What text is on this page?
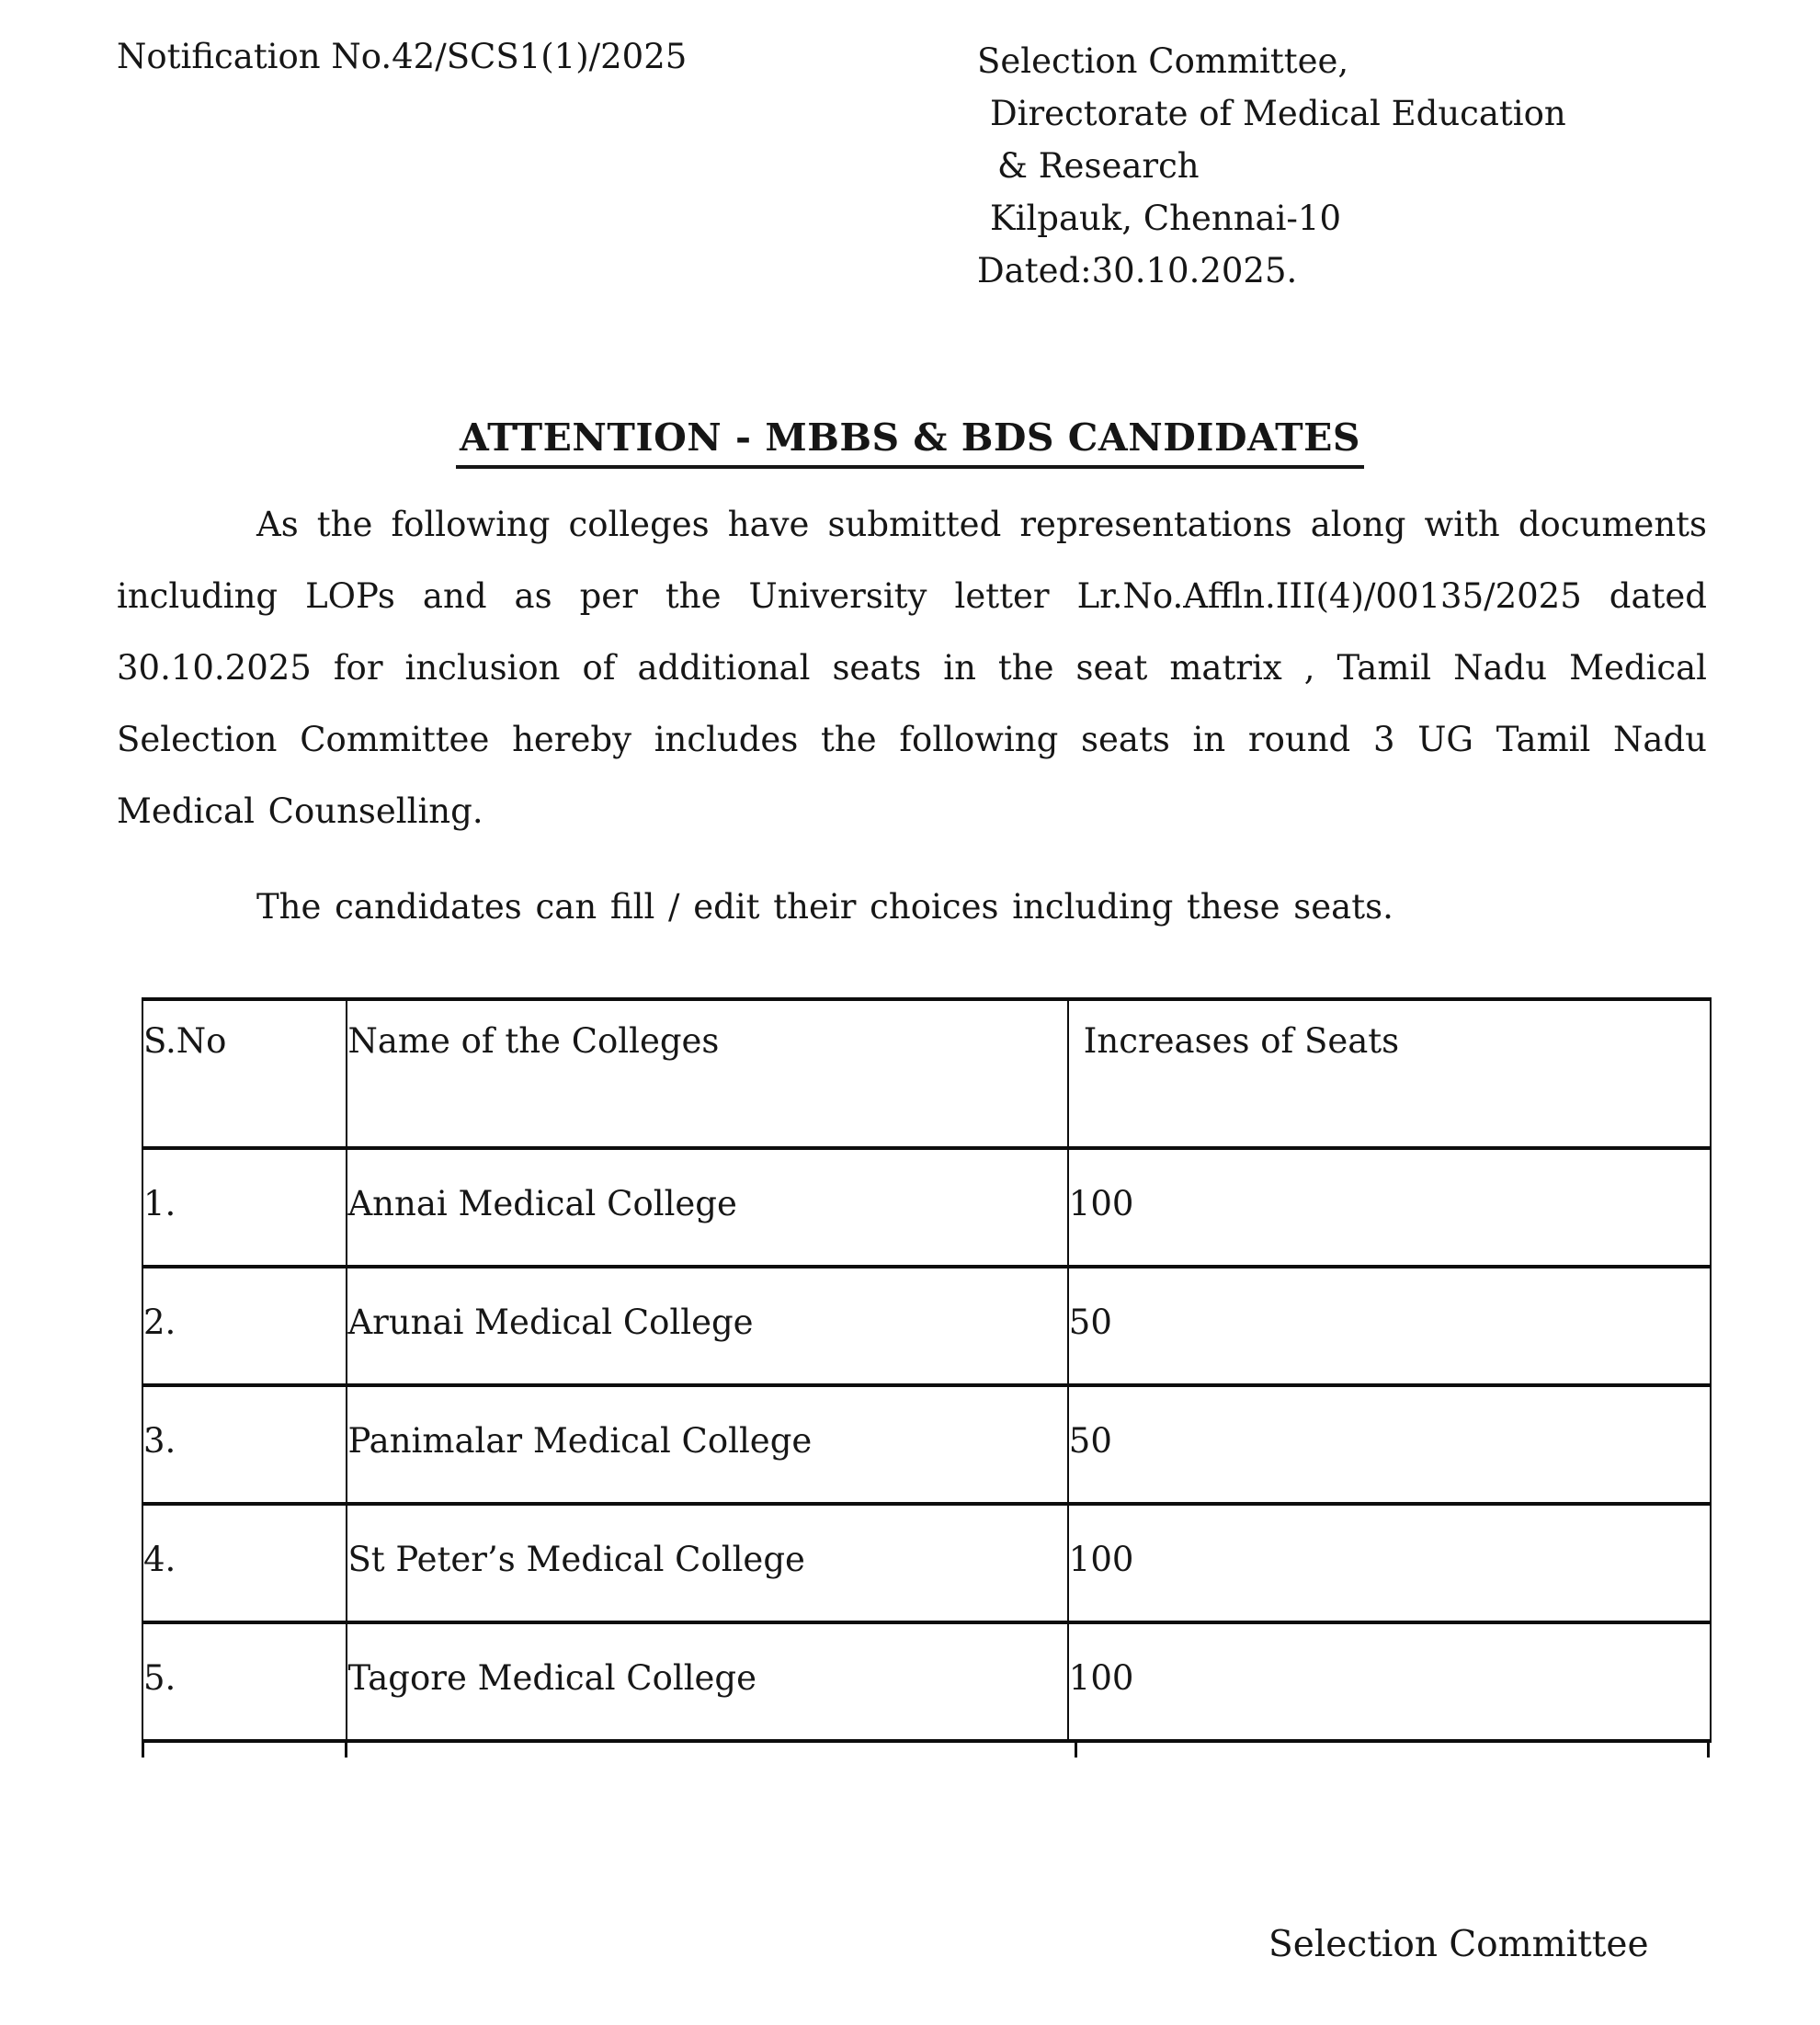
Notification No.42/SCS1(1)/2025	Selection Committee,
Directorate of Medical Education
& Research
Kilpauk, Chennai-10
Dated:30.10.2025.
ATTENTION - MBBS & BDS CANDIDATES
As the following colleges have submitted representations along with documents including LOPs and as per the University letter Lr.No.Affln.III(4)/00135/2025 dated 30.10.2025 for inclusion of additional seats in the seat matrix , Tamil Nadu Medical Selection Committee hereby includes the following seats in round 3 UG Tamil Nadu Medical Counselling.
The candidates can fill / edit their choices including these seats.
S.No	Name of the Colleges	Increases of Seats
1.	Annai Medical College	100
2.	Arunai Medical College	50
3.	Panimalar Medical College	50
4.	St Peter’s Medical College	100
5.	Tagore Medical College	100
Selection Committee
